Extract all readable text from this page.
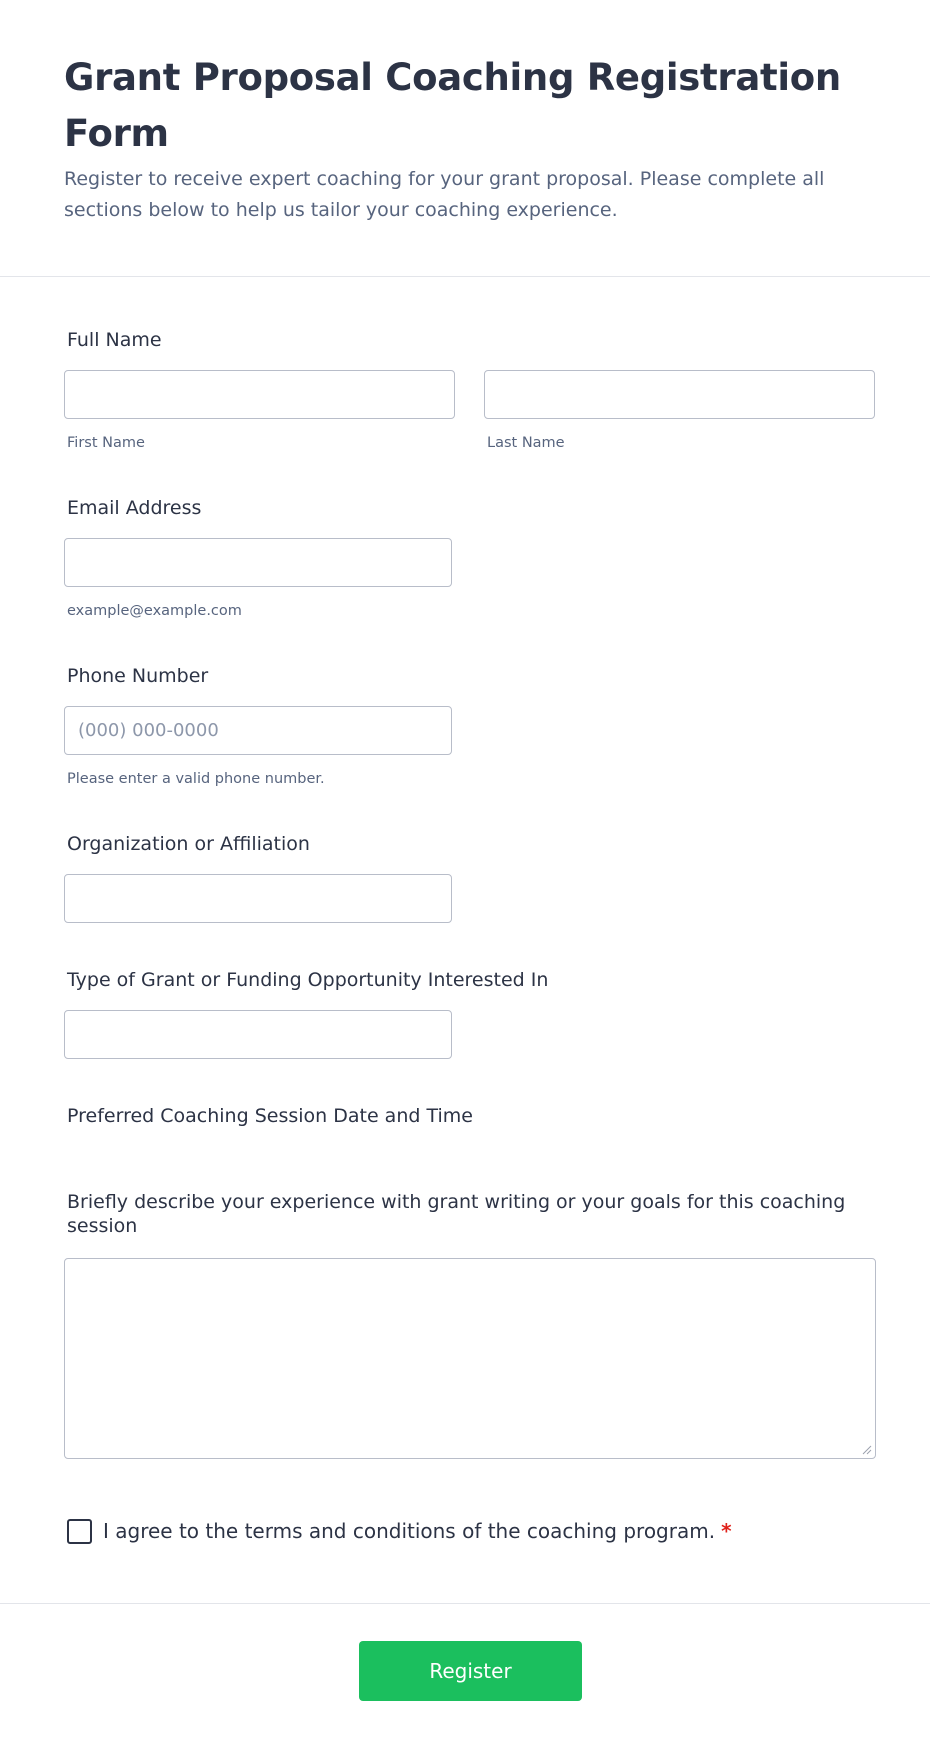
Grant Proposal Coaching Registration Form

Register to receive expert coaching for your grant proposal. Please complete all sections below to help us tailor your coaching experience.

Full Name
First Name	Last Name
Email Address
example@example.com
Phone Number
(000) 000-0000
Please enter a valid phone number.
Organization or Affiliation
Type of Grant or Funding Opportunity Interested In
Preferred Coaching Session Date and Time
Briefly describe your experience with grant writing or your goals for this coaching session
I agree to the terms and conditions of the coaching program. *
Register
